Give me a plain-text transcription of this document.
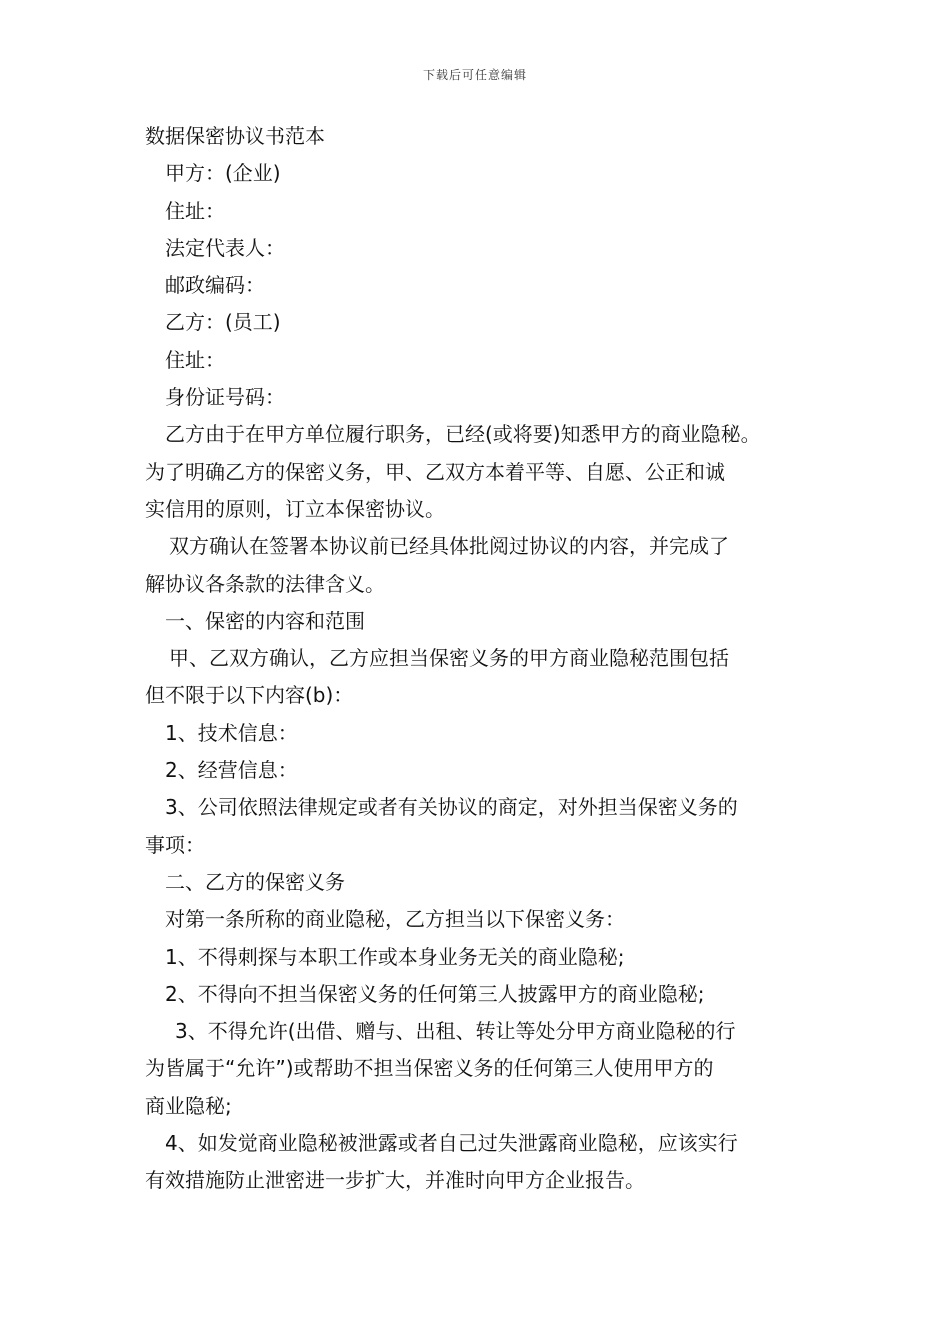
下载后可任意编辑

数据保密协议书范本

甲方：(企业)

住址：

法定代表人：

邮政编码：

乙方：(员工)

住址：

身份证号码：

乙方由于在甲方单位履行职务，已经(或将要)知悉甲方的商业隐秘。

为了明确乙方的保密义务，甲、乙双方本着平等、自愿、公正和诚

实信用的原则，订立本保密协议。

双方确认在签署本协议前已经具体批阅过协议的内容，并完成了

解协议各条款的法律含义。

一、保密的内容和范围

甲、乙双方确认，乙方应担当保密义务的甲方商业隐秘范围包括

但不限于以下内容(b)：

1、技术信息：

2、经营信息：

3、公司依照法律规定或者有关协议的商定，对外担当保密义务的

事项：

二、乙方的保密义务

对第一条所称的商业隐秘，乙方担当以下保密义务：

1、不得刺探与本职工作或本身业务无关的商业隐秘;

2、不得向不担当保密义务的任何第三人披露甲方的商业隐秘;

3、不得允许(出借、赠与、出租、转让等处分甲方商业隐秘的行

为皆属于“允许”)或帮助不担当保密义务的任何第三人使用甲方的

商业隐秘;

4、如发觉商业隐秘被泄露或者自己过失泄露商业隐秘，应该实行

有效措施防止泄密进一步扩大，并准时向甲方企业报告。
